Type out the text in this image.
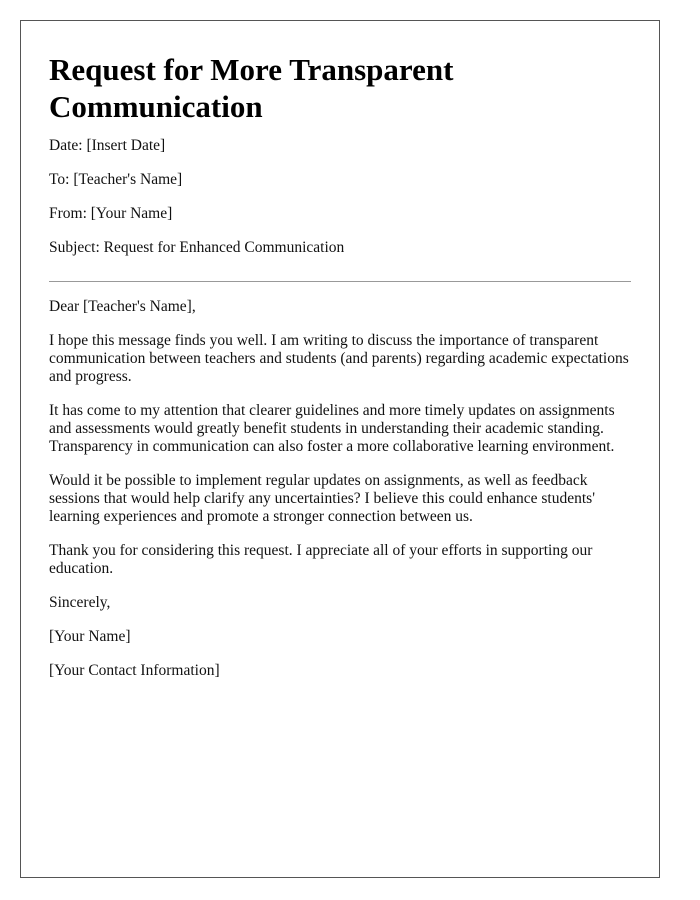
Request for More Transparent Communication

Date: [Insert Date]

To: [Teacher's Name]

From: [Your Name]

Subject: Request for Enhanced Communication

Dear [Teacher's Name],

I hope this message finds you well. I am writing to discuss the importance of transparent communication between teachers and students (and parents) regarding academic expectations and progress.

It has come to my attention that clearer guidelines and more timely updates on assignments and assessments would greatly benefit students in understanding their academic standing. Transparency in communication can also foster a more collaborative learning environment.

Would it be possible to implement regular updates on assignments, as well as feedback sessions that would help clarify any uncertainties? I believe this could enhance students' learning experiences and promote a stronger connection between us.

Thank you for considering this request. I appreciate all of your efforts in supporting our education.

Sincerely,

[Your Name]

[Your Contact Information]
